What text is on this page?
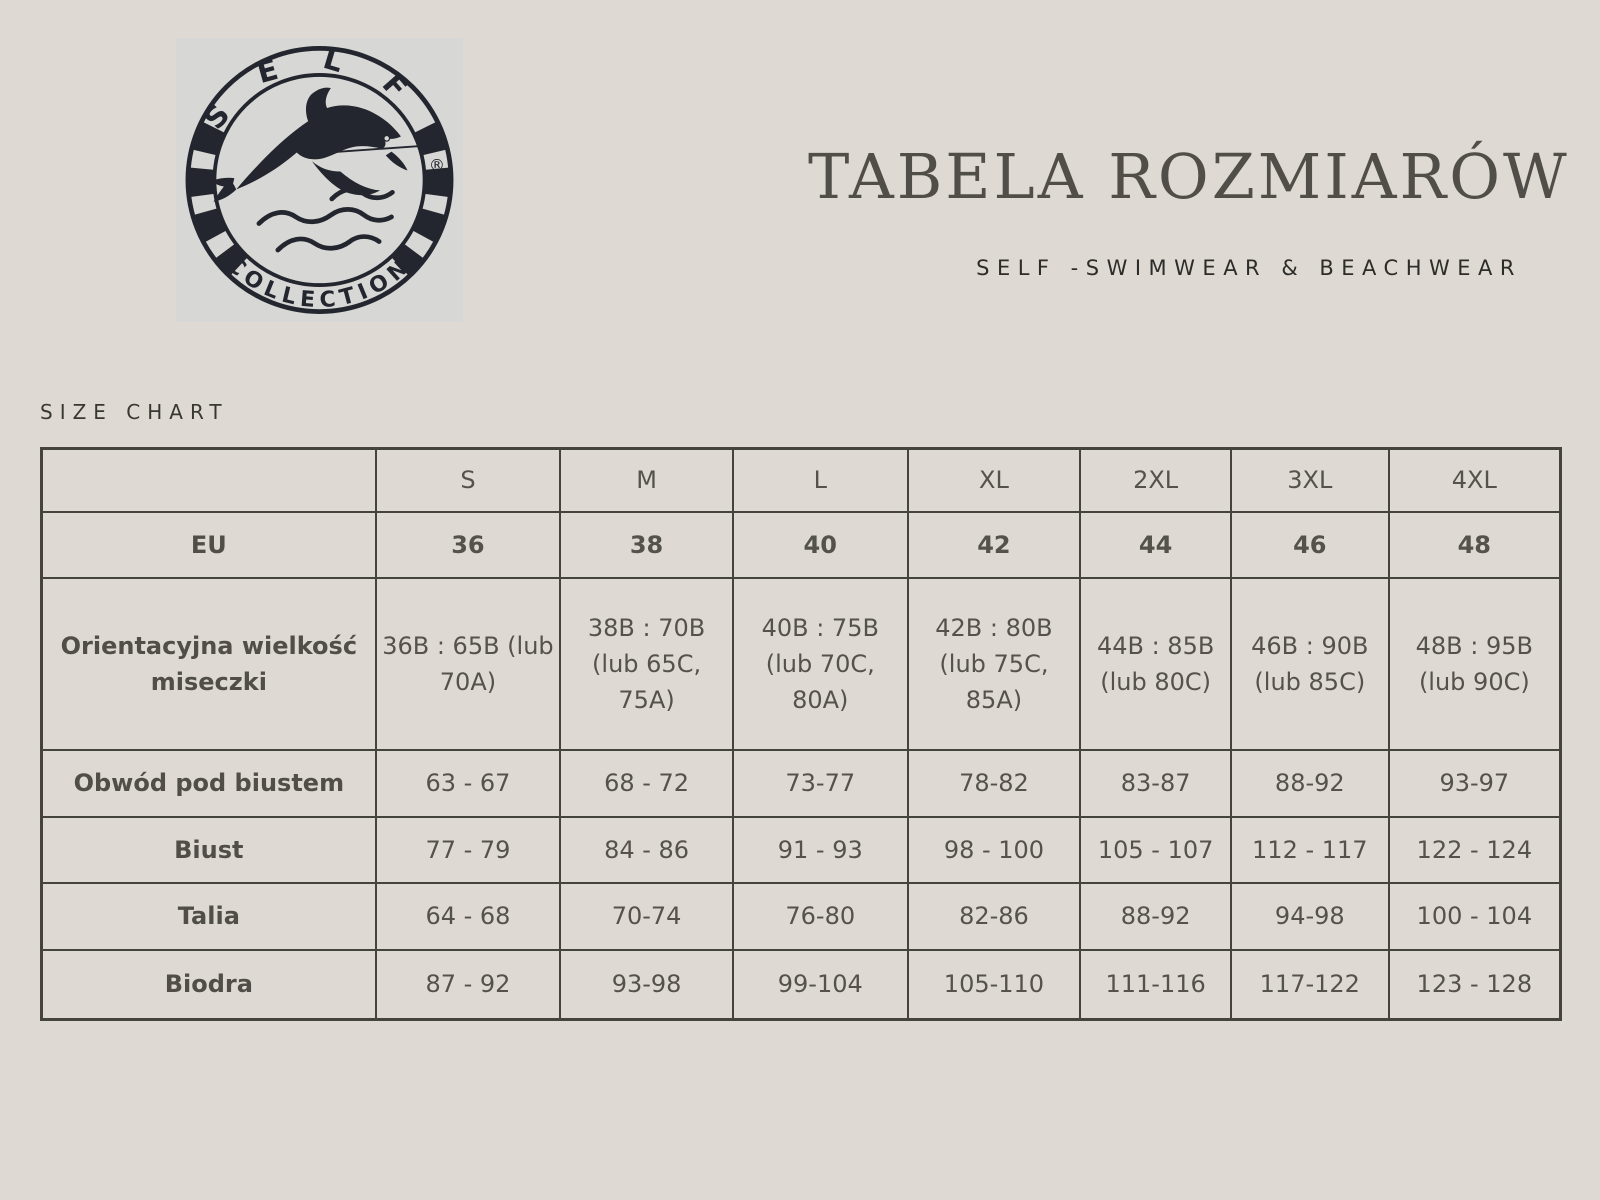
SELF
COLLECTION
®	TABELA ROZMIARÓW
SELF -SWIMWEAR & BEACHWEAR
SIZE CHART
	S	M	L	XL	2XL	3XL	4XL
EU	36	38	40	42	44	46	48
Orientacyjna wielkość miseczki	36B : 65B (lub 70A)	38B : 70B (lub 65C, 75A)	40B : 75B (lub 70C, 80A)	42B : 80B (lub 75C, 85A)	44B : 85B (lub 80C)	46B : 90B (lub 85C)	48B : 95B (lub 90C)
Obwód pod biustem	63 - 67	68 - 72	73-77	78-82	83-87	88-92	93-97
Biust	77 - 79	84 - 86	91 - 93	98 - 100	105 - 107	112 - 117	122 - 124
Talia	64 - 68	70-74	76-80	82-86	88-92	94-98	100 - 104
Biodra	87 - 92	93-98	99-104	105-110	111-116	117-122	123 - 128
